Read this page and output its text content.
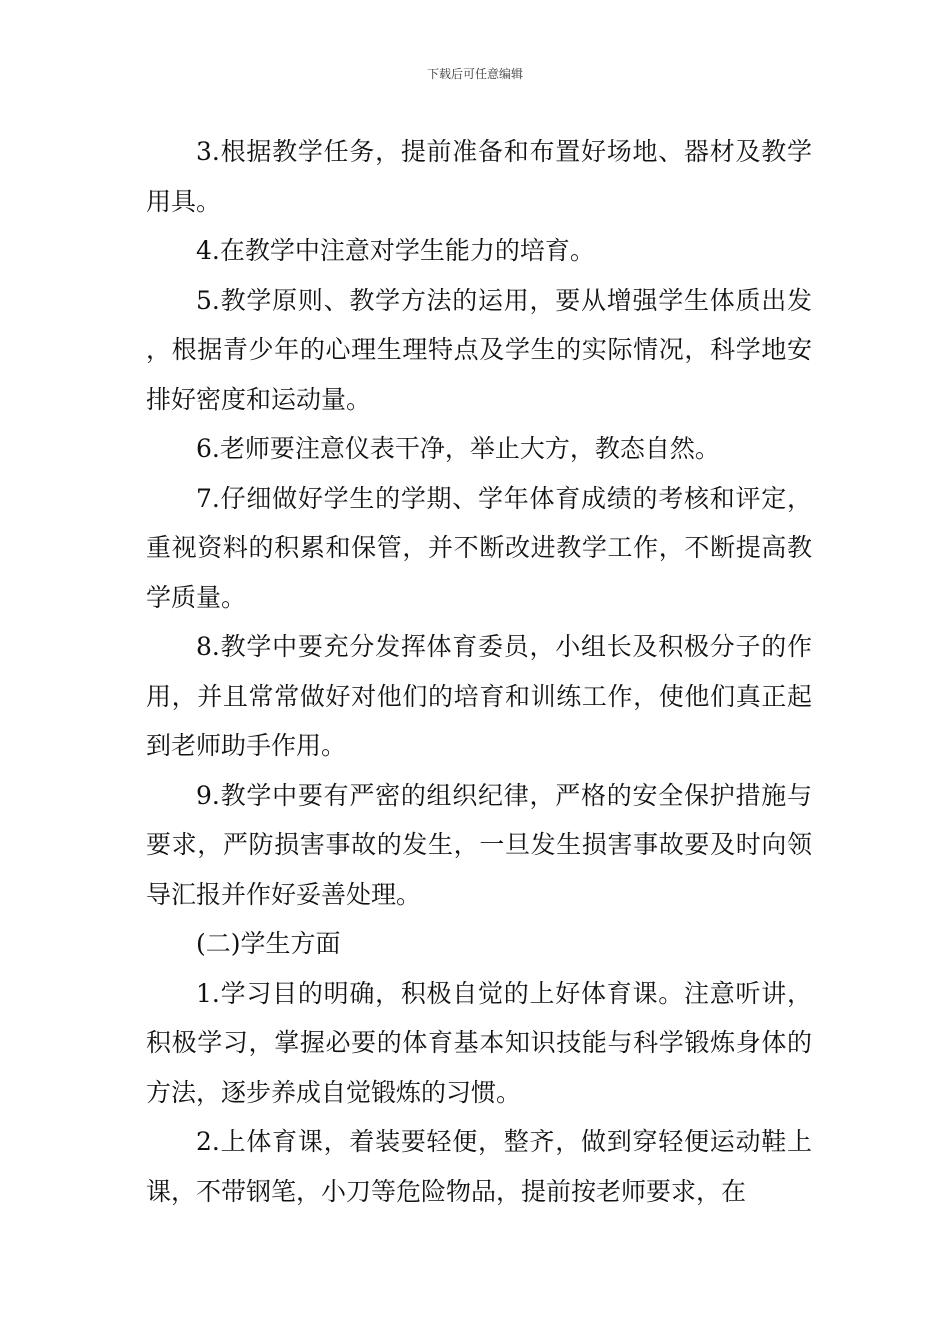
下载后可任意编辑

3.根据教学任务，提前准备和布置好场地、器材及教学用具。

4.在教学中注意对学生能力的培育。

5.教学原则、教学方法的运用，要从增强学生体质出发，根据青少年的心理生理特点及学生的实际情况，科学地安排好密度和运动量。

6.老师要注意仪表干净，举止大方，教态自然。

7.仔细做好学生的学期、学年体育成绩的考核和评定，重视资料的积累和保管，并不断改进教学工作，不断提高教学质量。

8.教学中要充分发挥体育委员，小组长及积极分子的作用，并且常常做好对他们的培育和训练工作，使他们真正起到老师助手作用。

9.教学中要有严密的组织纪律，严格的安全保护措施与要求，严防损害事故的发生，一旦发生损害事故要及时向领导汇报并作好妥善处理。

(二)学生方面

1.学习目的明确，积极自觉的上好体育课。注意听讲，积极学习，掌握必要的体育基本知识技能与科学锻炼身体的方法，逐步养成自觉锻炼的习惯。

2.上体育课，着装要轻便，整齐，做到穿轻便运动鞋上课，不带钢笔，小刀等危险物品，提前按老师要求，在
